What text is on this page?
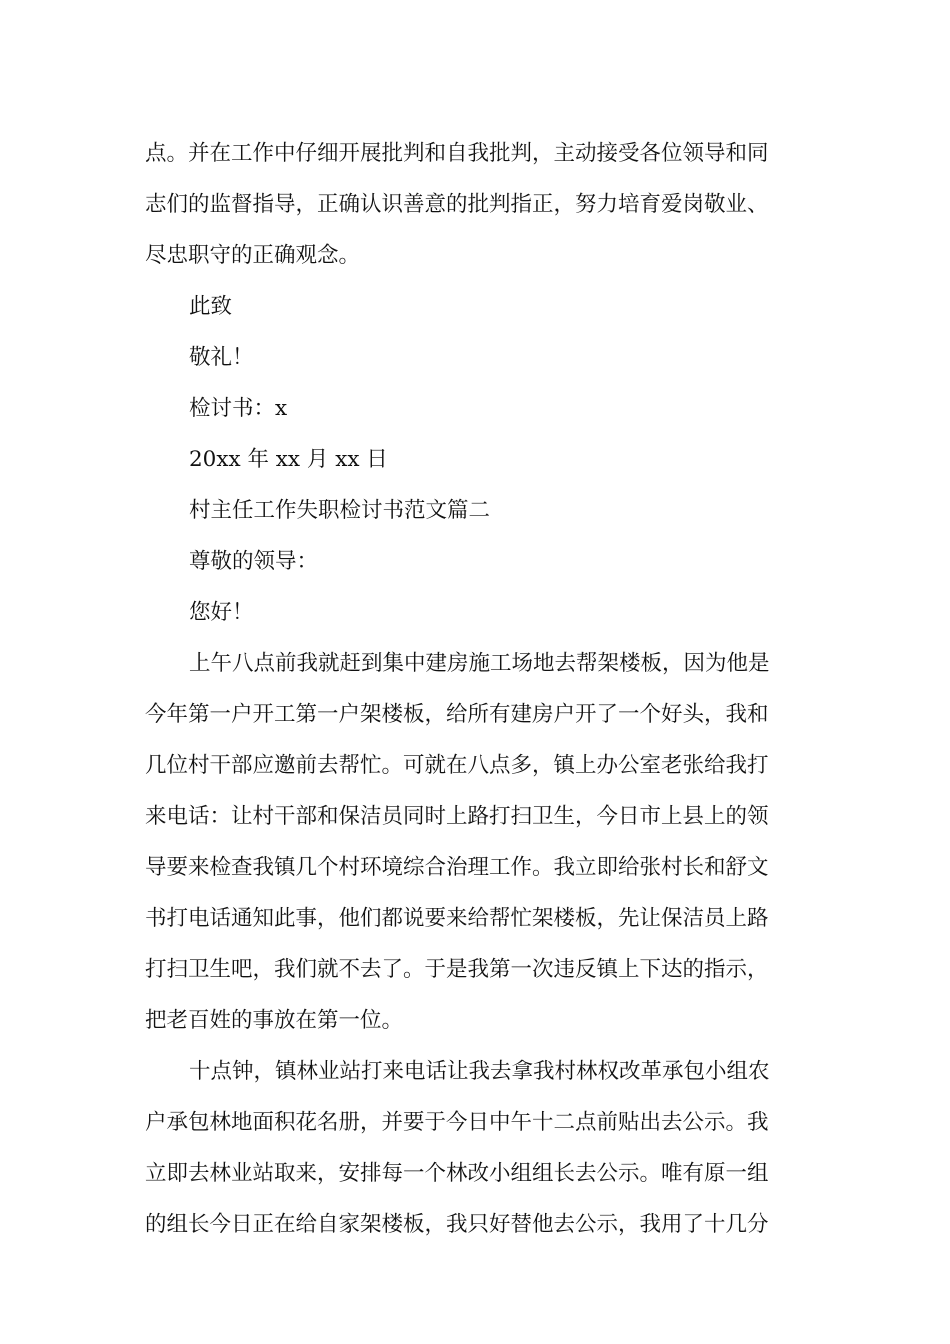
点。并在工作中仔细开展批判和自我批判，主动接受各位领导和同
志们的监督指导，正确认识善意的批判指正，努力培育爱岗敬业、
尽忠职守的正确观念。
此致
敬礼！
检讨书：x
20xx 年 xx 月 xx 日
村主任工作失职检讨书范文篇二
尊敬的领导：
您好！
上午八点前我就赶到集中建房施工场地去帮架楼板，因为他是
今年第一户开工第一户架楼板，给所有建房户开了一个好头，我和
几位村干部应邀前去帮忙。可就在八点多，镇上办公室老张给我打
来电话：让村干部和保洁员同时上路打扫卫生，今日市上县上的领
导要来检查我镇几个村环境综合治理工作。我立即给张村长和舒文
书打电话通知此事，他们都说要来给帮忙架楼板，先让保洁员上路
打扫卫生吧，我们就不去了。于是我第一次违反镇上下达的指示，
把老百姓的事放在第一位。
十点钟，镇林业站打来电话让我去拿我村林权改革承包小组农
户承包林地面积花名册，并要于今日中午十二点前贴出去公示。我
立即去林业站取来，安排每一个林改小组组长去公示。唯有原一组
的组长今日正在给自家架楼板，我只好替他去公示，我用了十几分
